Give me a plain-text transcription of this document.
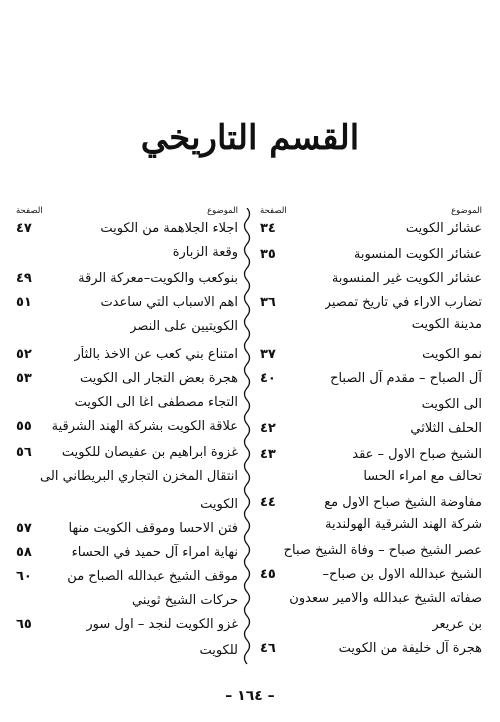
القسم التاريخي
الموضوع
الصفحة
عشائر الكويت
٣٤
عشائر الكويت المنسوبة
٣٥
عشائر الكويت غير المنسوبة
تضارب الاراء في تاريخ تمصير
٣٦
مدينة الكويت
نمو الكويت
٣٧
آل الصباح – مقدم آل الصباح
٤٠
الى الكويت
الحلف الثلاثي
٤٢
الشيخ صباح الاول – عقد
٤٣
تحالف مع امراء الحسا
مفاوضة الشيخ صباح الاول مع
٤٤
شركة الهند الشرقية الهولندية
عصر الشيخ صباح – وفاة الشيخ صباح
الشيخ عبدالله الاول بن صباح–
٤٥
صفاته الشيخ عبدالله والامير سعدون
بن عريعر
هجرة آل خليفة من الكويت
٤٦
الموضوع
الصفحة
اجلاء الجلاهمة من الكويت
٤٧
وقعة الزبارة
بنوكعب والكويت–معركة الرقة
٤٩
اهم الاسباب التي ساعدت
٥١
الكويتيين على النصر
امتناع بني كعب عن الاخذ بالثأر
٥٢
هجرة بعض التجار الى الكويت
٥٣
التجاء مصطفى اغا الى الكويت
علاقة الكويت بشركة الهند الشرقية
٥٥
غزوة ابراهيم بن عفيصان للكويت
٥٦
انتقال المخزن التجاري البريطاني الى
الكويت
فتن الاحسا وموقف الكويت منها
٥٧
نهاية امراء آل حميد في الحساء
٥٨
موقف الشيخ عبدالله الصباح من
٦٠
حركات الشيخ ثويني
غزو الكويت لنجد – اول سور
٦٥
للكويت
– ١٦٤ –
